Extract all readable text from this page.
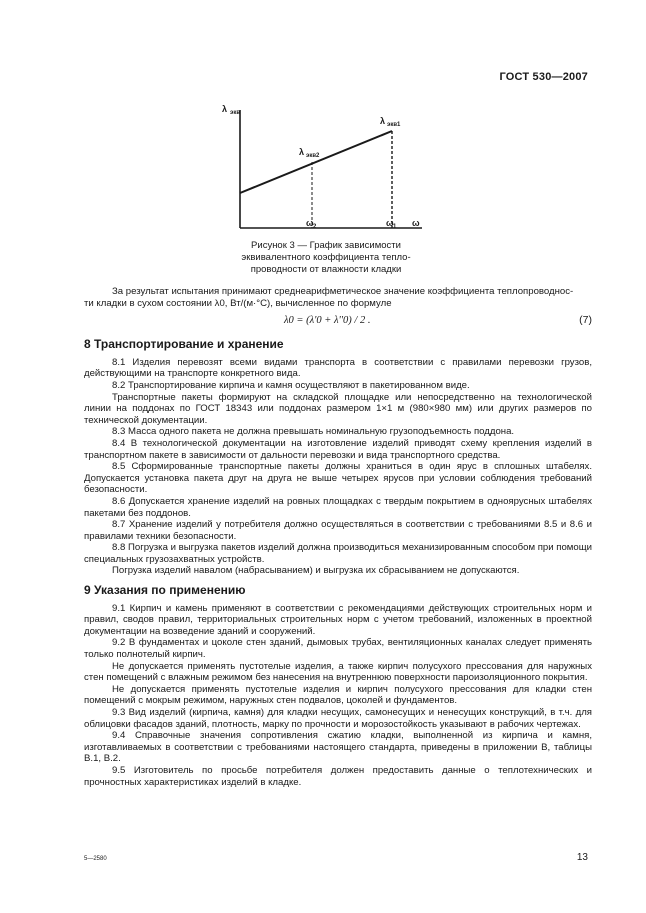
ГОСТ 530—2007
λ экв
λ экв1
λ экв2
ω 2	ω 1 ω
Рисунок 3 — График зависимости
эквивалентного коэффициента тепло-
проводности от влажности кладки

За результат испытания принимают среднеарифметическое значение коэффициента теплопроводнос-

ти кладки в сухом состоянии λ0, Вт/(м·°С), вычисленное по формуле

λ0 = (λ'0 + λ''0) / 2 .	(7)
8 Транспортирование и хранение

8.1 Изделия перевозят всеми видами транспорта в соответствии с правилами перевозки грузов, действующими на транспорте конкретного вида.

8.2 Транспортирование кирпича и камня осуществляют в пакетированном виде.

Транспортные пакеты формируют на складской площадке или непосредственно на технологической линии на поддонах по ГОСТ 18343 или поддонах размером 1×1 м (980×980 мм) или других размеров по технической документации.

8.3 Масса одного пакета не должна превышать номинальную грузоподъемность поддона.

8.4 В технологической документации на изготовление изделий приводят схему крепления изделий в транспортном пакете в зависимости от дальности перевозки и вида транспортного средства.

8.5 Сформированные транспортные пакеты должны храниться в один ярус в сплошных штабелях. Допускается установка пакета друг на друга не выше четырех ярусов при условии соблюдения требований безопасности.

8.6 Допускается хранение изделий на ровных площадках с твердым покрытием в одноярусных штабелях пакетами без поддонов.

8.7 Хранение изделий у потребителя должно осуществляться в соответствии с требованиями 8.5 и 8.6 и правилами техники безопасности.

8.8 Погрузка и выгрузка пакетов изделий должна производиться механизированным способом при помощи специальных грузозахватных устройств.

Погрузка изделий навалом (набрасыванием) и выгрузка их сбрасыванием не допускаются.

9 Указания по применению

9.1 Кирпич и камень применяют в соответствии с рекомендациями действующих строительных норм и правил, сводов правил, территориальных строительных норм с учетом требований, изложенных в проектной документации на возведение зданий и сооружений.

9.2 В фундаментах и цоколе стен зданий, дымовых трубах, вентиляционных каналах следует применять только полнотелый кирпич.

Не допускается применять пустотелые изделия, а также кирпич полусухого прессования для наружных стен помещений с влажным режимом без нанесения на внутреннюю поверхности пароизоляционного покрытия.

Не допускается применять пустотелые изделия и кирпич полусухого прессования для кладки стен помещений с мокрым режимом, наружных стен подвалов, цоколей и фундаментов.

9.3 Вид изделий (кирпича, камня) для кладки несущих, самонесущих и ненесущих конструкций, в т.ч. для облицовки фасадов зданий, плотность, марку по прочности и морозостойкость указывают в рабочих чертежах.

9.4 Справочные значения сопротивления сжатию кладки, выполненной из кирпича и камня, изготавливаемых в соответствии с требованиями настоящего стандарта, приведены в приложении В, таблицы В.1, В.2.

9.5 Изготовитель по просьбе потребителя должен предоставить данные о теплотехнических и прочностных характеристиках изделий в кладке.

5—2580	13
